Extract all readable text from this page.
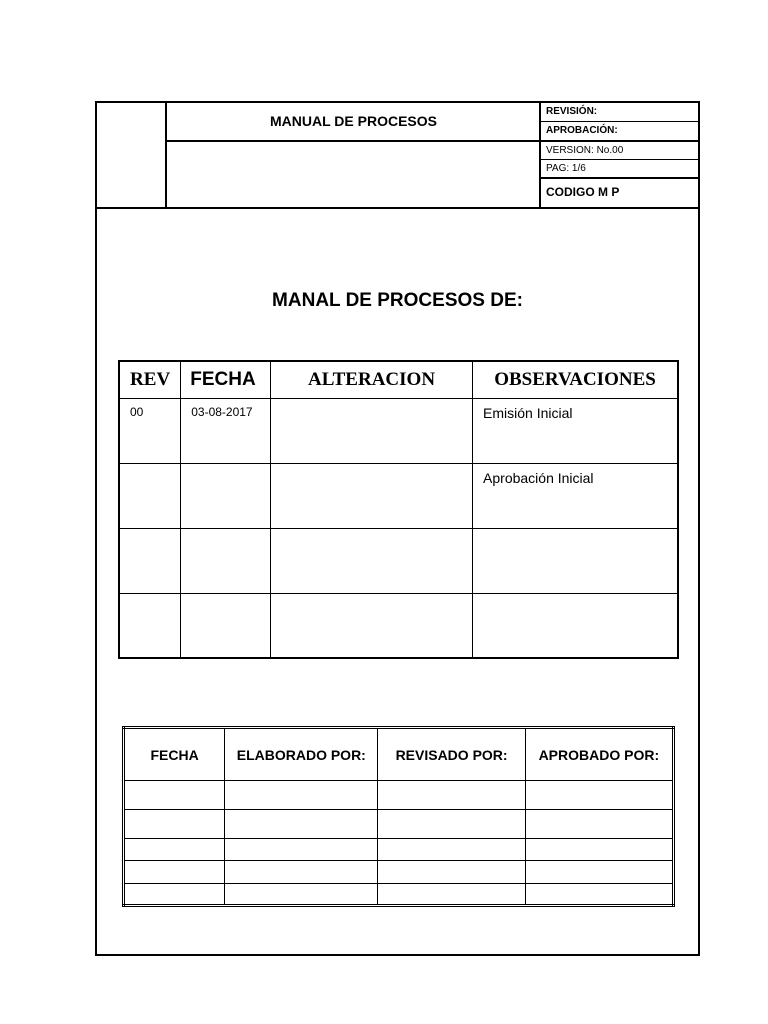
MANUAL DE PROCESOS
REVISIÓN:
APROBACIÓN:
VERSION: No.00
PAG: 1/6
CODIGO M P
MANAL DE PROCESOS DE:
REV	FECHA	ALTERACION	OBSERVACIONES

00	03-08-2017		Emisión Inicial

			Aprobación Inicial

FECHA	ELABORADO POR:	REVISADO POR:	APROBADO POR:
